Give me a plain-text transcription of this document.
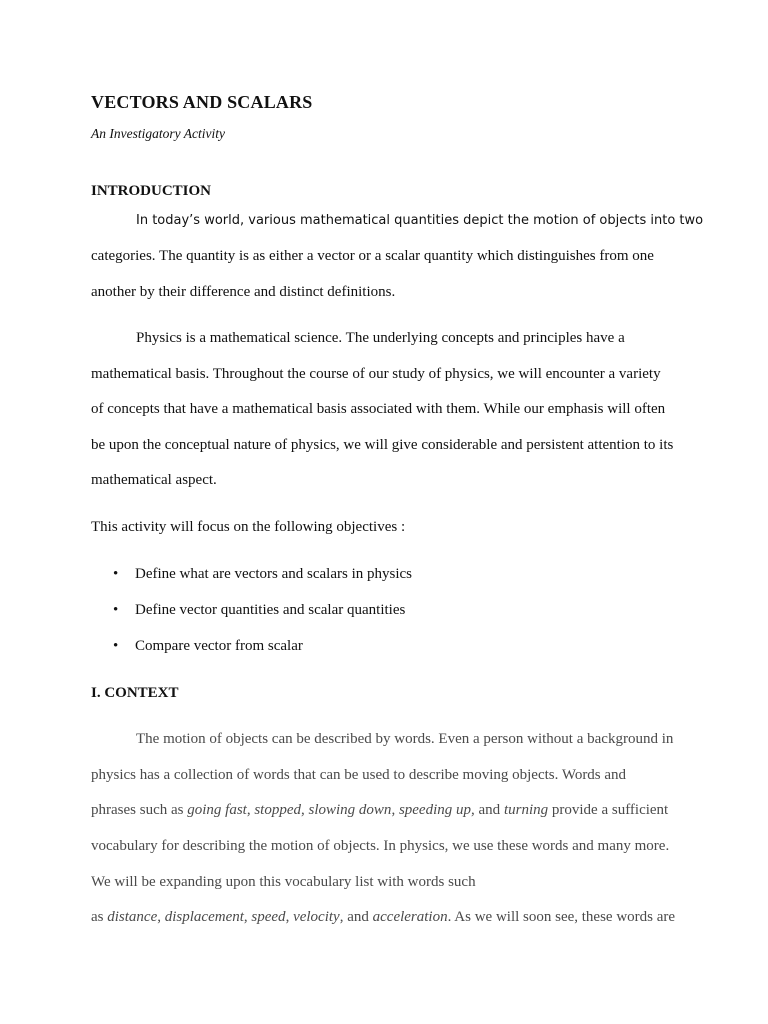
VECTORS AND SCALARS
An Investigatory Activity
INTRODUCTION
In today’s world, various mathematical quantities depict the motion of objects into two
categories. The quantity is as either a vector or a scalar quantity which distinguishes from one
another by their difference and distinct definitions.
Physics is a mathematical science. The underlying concepts and principles have a
mathematical basis. Throughout the course of our study of physics, we will encounter a variety
of concepts that have a mathematical basis associated with them. While our emphasis will often
be upon the conceptual nature of physics, we will give considerable and persistent attention to its
mathematical aspect.
This activity will focus on the following objectives :
• Define what are vectors and scalars in physics
• Define vector quantities and scalar quantities
• Compare vector from scalar
I. CONTEXT
The motion of objects can be described by words. Even a person without a background in
physics has a collection of words that can be used to describe moving objects. Words and
phrases such as going fast, stopped, slowing down, speeding up, and turning provide a sufficient
vocabulary for describing the motion of objects. In physics, we use these words and many more.
We will be expanding upon this vocabulary list with words such
as distance, displacement, speed, velocity, and acceleration. As we will soon see, these words are
